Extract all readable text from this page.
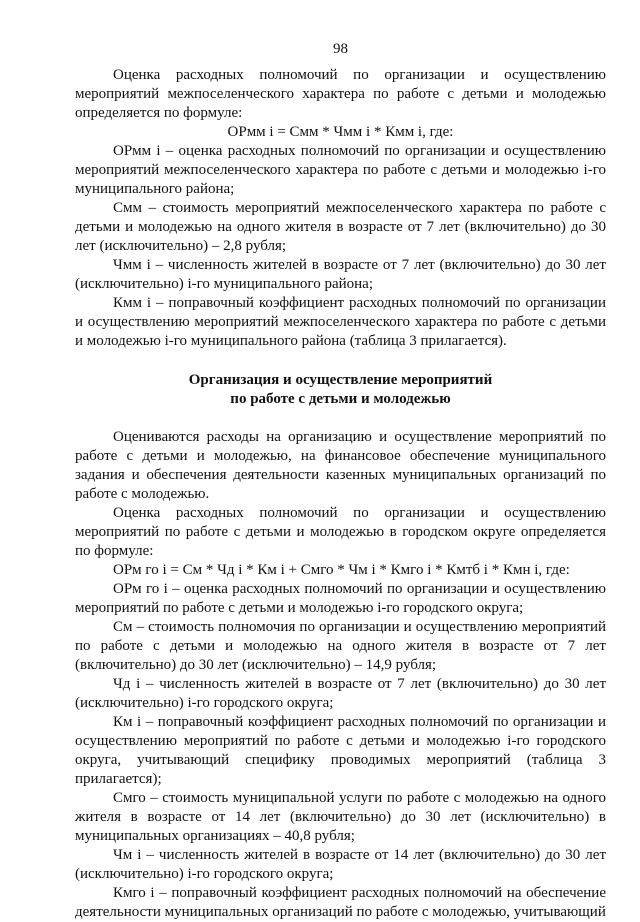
98

Оценка расходных полномочий по организации и осуществлению мероприятий межпоселенческого характера по работе с детьми и молодежью определяется по формуле:

ОРмм i = Смм * Чмм i * Кмм i, где:

ОРмм i – оценка расходных полномочий по организации и осуществлению мероприятий межпоселенческого характера по работе с детьми и молодежью i-го муниципального района;

Смм – стоимость мероприятий межпоселенческого характера по работе с детьми и молодежью на одного жителя в возрасте от 7 лет (включительно) до 30 лет (исключительно) – 2,8 рубля;

Чмм i – численность жителей в возрасте от 7 лет (включительно) до 30 лет (исключительно) i-го муниципального района;

Кмм i – поправочный коэффициент расходных полномочий по организации и осуществлению мероприятий межпоселенческого характера по работе с детьми и молодежью i-го муниципального района (таблица 3 прилагается).

Организация и осуществление мероприятий
по работе с детьми и молодежью

Оцениваются расходы на организацию и осуществление мероприятий по работе с детьми и молодежью, на финансовое обеспечение муниципального задания и обеспечения деятельности казенных муниципальных организаций по работе с молодежью.

Оценка расходных полномочий по организации и осуществлению мероприятий по работе с детьми и молодежью в городском округе определяется по формуле:

ОРм го i = См * Чд i * Км i + Смго * Чм i * Кмго i * Кмтб i * Кмн i, где:

ОРм го i – оценка расходных полномочий по организации и осуществлению мероприятий по работе с детьми и молодежью i-го городского округа;

См – стоимость полномочия по организации и осуществлению мероприятий по работе с детьми и молодежью на одного жителя в возрасте от 7 лет (включительно) до 30 лет (исключительно) – 14,9 рубля;

Чд i – численность жителей в возрасте от 7 лет (включительно) до 30 лет (исключительно) i-го городского округа;

Км i – поправочный коэффициент расходных полномочий по организации и осуществлению мероприятий по работе с детьми и молодежью i-го городского округа, учитывающий специфику проводимых мероприятий (таблица 3 прилагается);

Смго – стоимость муниципальной услуги по работе с молодежью на одного жителя в возрасте от 14 лет (включительно) до 30 лет (исключительно) в муниципальных организациях – 40,8 рубля;

Чм i – численность жителей в возрасте от 14 лет (включительно) до 30 лет (исключительно) i-го городского округа;

Кмго i – поправочный коэффициент расходных полномочий на обеспечение деятельности муниципальных организаций по работе с молодежью, учитывающий
